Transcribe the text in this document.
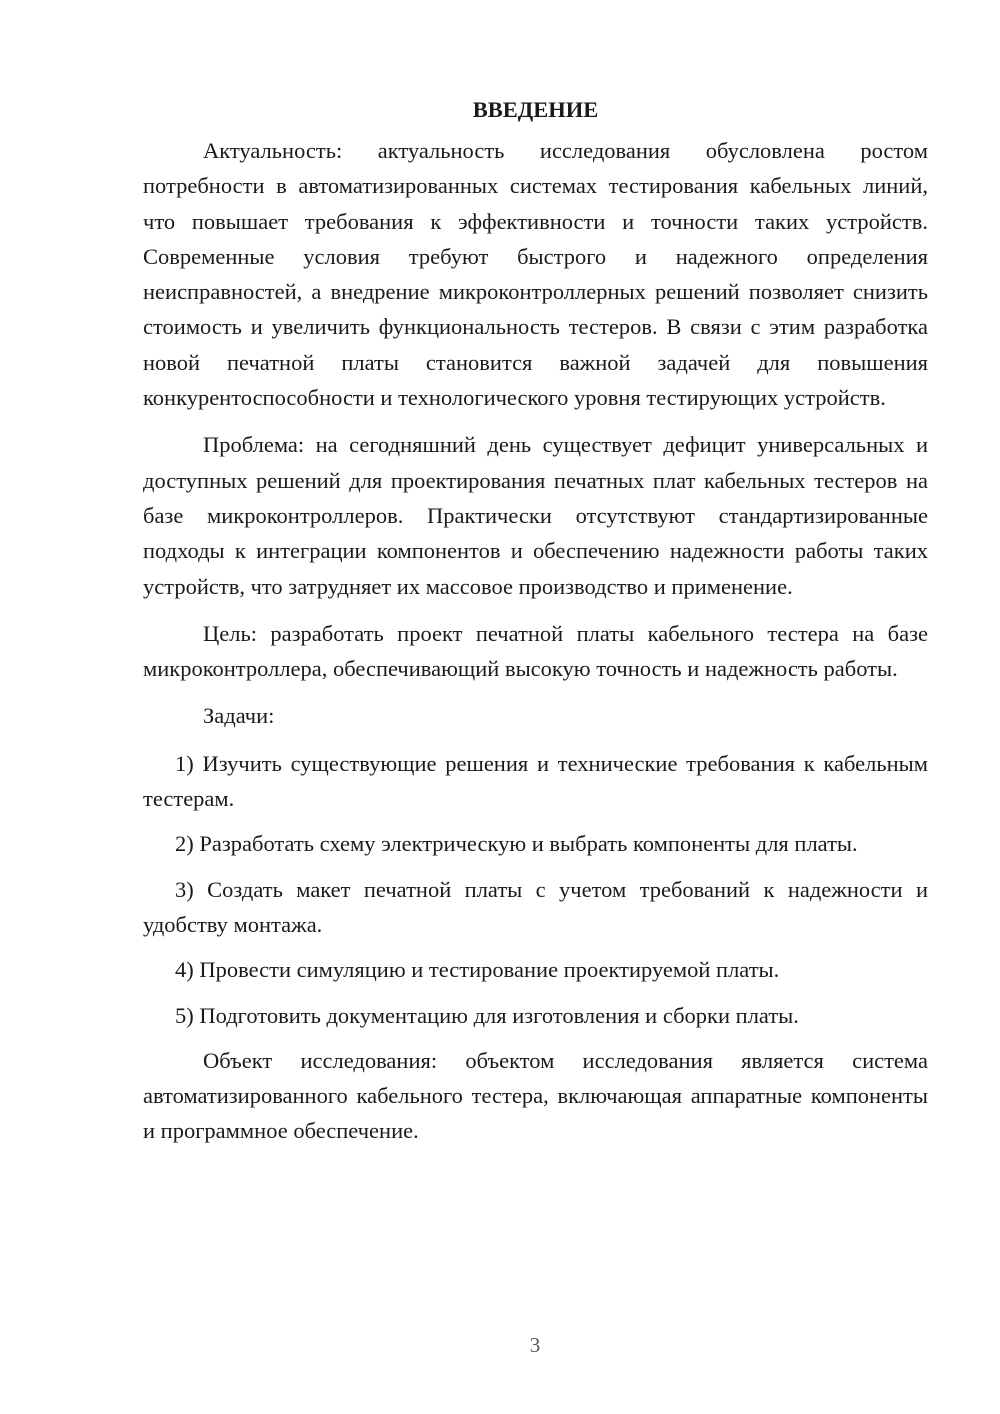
ВВЕДЕНИЕ

Актуальность: актуальность исследования обусловлена ростом потребности в автоматизированных системах тестирования кабельных линий, что повышает требования к эффективности и точности таких устройств. Современные условия требуют быстрого и надежного определения неисправностей, а внедрение микроконтроллерных решений позволяет снизить стоимость и увеличить функциональность тестеров. В связи с этим разработка новой печатной платы становится важной задачей для повышения конкурентоспособности и технологического уровня тестирующих устройств.

Проблема: на сегодняшний день существует дефицит универсальных и доступных решений для проектирования печатных плат кабельных тестеров на базе микроконтроллеров. Практически отсутствуют стандартизированные подходы к интеграции компонентов и обеспечению надежности работы таких устройств, что затрудняет их массовое производство и применение.

Цель: разработать проект печатной платы кабельного тестера на базе микроконтроллера, обеспечивающий высокую точность и надежность работы.

Задачи:

1) Изучить существующие решения и технические требования к кабельным тестерам.

2) Разработать схему электрическую и выбрать компоненты для платы.

3) Создать макет печатной платы с учетом требований к надежности и удобству монтажа.

4) Провести симуляцию и тестирование проектируемой платы.

5) Подготовить документацию для изготовления и сборки платы.

Объект исследования: объектом исследования является система автоматизированного кабельного тестера, включающая аппаратные компоненты и программное обеспечение.

3
